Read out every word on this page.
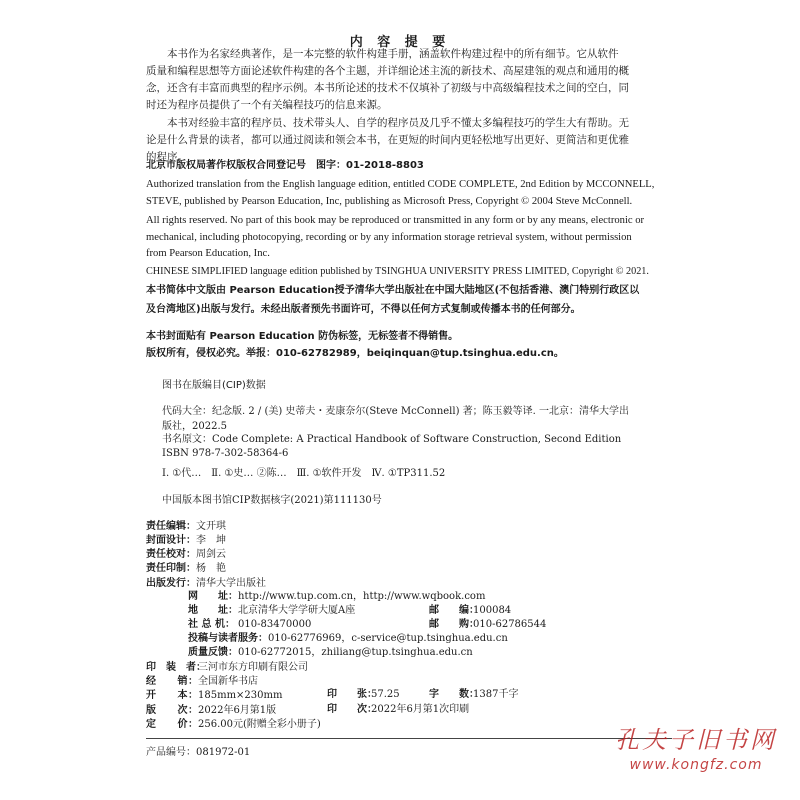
内 容 提 要

本书作为名家经典著作，是一本完整的软件构建手册，涵盖软件构建过程中的所有细节。它从软件

质量和编程思想等方面论述软件构建的各个主题，并详细论述主流的新技术、高屋建瓴的观点和通用的概

念，还含有丰富而典型的程序示例。本书所论述的技术不仅填补了初级与中高级编程技术之间的空白，同

时还为程序员提供了一个有关编程技巧的信息来源。

本书对经验丰富的程序员、技术带头人、自学的程序员及几乎不懂太多编程技巧的学生大有帮助。无

论是什么背景的读者，都可以通过阅读和领会本书，在更短的时间内更轻松地写出更好、更简洁和更优雅

的程序。

北京市版权局著作权版权合同登记号　图字：01-2018-8803

Authorized translation from the English language edition, entitled CODE COMPLETE, 2nd Edition by MCCONNELL,

STEVE, published by Pearson Education, Inc, publishing as Microsoft Press, Copyright © 2004 Steve McConnell.

All rights reserved. No part of this book may be reproduced or transmitted in any form or by any means, electronic or

mechanical, including photocopying, recording or by any information storage retrieval system, without permission

from Pearson Education, Inc.

CHINESE SIMPLIFIED language edition published by TSINGHUA UNIVERSITY PRESS LIMITED, Copyright © 2021.

本书简体中文版由 Pearson Education授予清华大学出版社在中国大陆地区(不包括香港、澳门特别行政区以

及台湾地区)出版与发行。未经出版者预先书面许可，不得以任何方式复制或传播本书的任何部分。

本书封面贴有 Pearson Education 防伪标签，无标签者不得销售。

版权所有，侵权必究。举报：010-62782989，beiqinquan@tup.tsinghua.edu.cn。

图书在版编目(CIP)数据
代码大全：纪念版. 2 / (美) 史蒂夫・麦康奈尔(Steve McConnell) 著；陈玉毅等译. 一北京：清华大学出
版社，2022.5
书名原文：Code Complete: A Practical Handbook of Software Construction, Second Edition
ISBN 978-7-302-58364-6
Ⅰ. ①代…　Ⅱ. ①史… ②陈…　Ⅲ. ①软件开发　Ⅳ. ①TP311.52
中国版本图书馆CIP数据核字(2021)第111130号
责任编辑：文开琪
封面设计：李　坤
责任校对：周剑云
责任印制：杨　艳
出版发行：清华大学出版社
网　　址：http://www.tup.com.cn，http://www.wqbook.com
地　　址：北京清华大学学研大厦A座	邮　　编：100084
社 总 机： 010-83470000	邮　　购：010-62786544
投稿与读者服务：010-62776969，c-service@tup.tsinghua.edu.cn
质量反馈：010-62772015，zhiliang@tup.tsinghua.edu.cn
印　装　者：三河市东方印刷有限公司
经　　销：全国新华书店
开　　本：185mm×230mm	印　　张：57.25	字　　数：1387千字
版　　次：2022年6月第1版	印　　次：2022年6月第1次印刷
定　　价：256.00元(附赠全彩小册子)
产品编号：081972-01	孔夫子旧书网
www.kongfz.com
